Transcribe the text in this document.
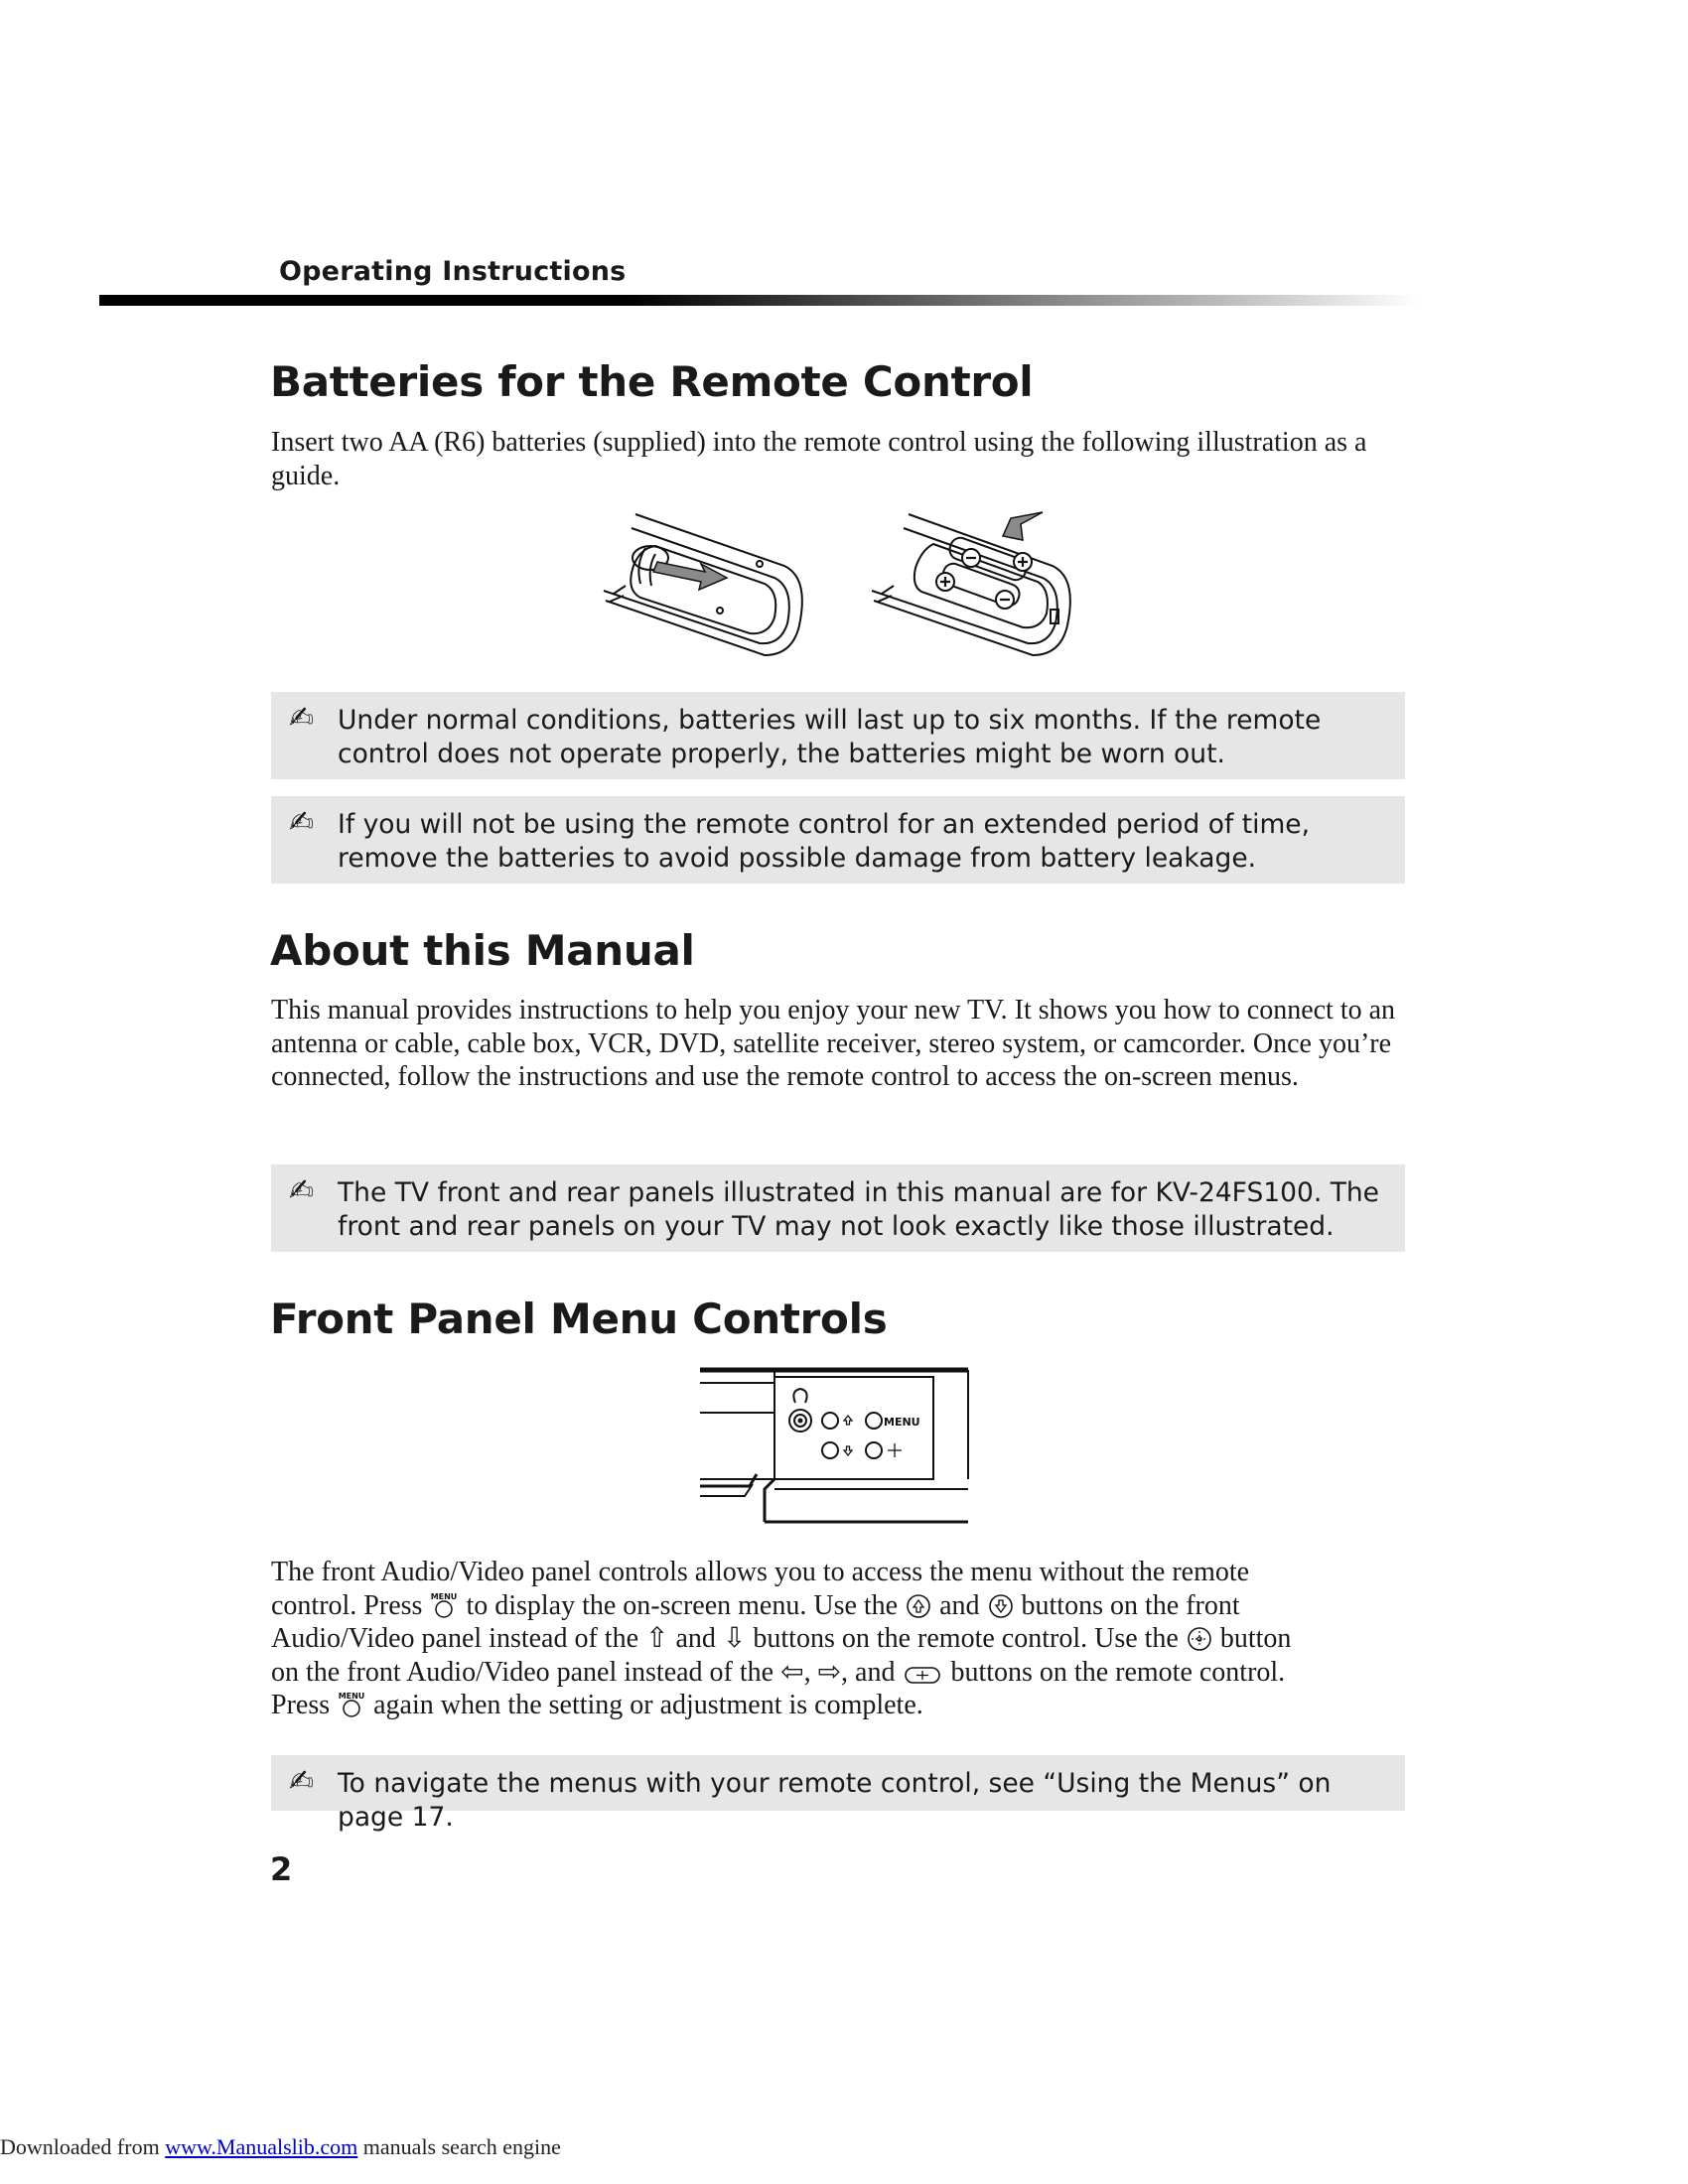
Operating Instructions
Batteries for the Remote Control
Insert two AA (R6) batteries (supplied) into the remote control using the following illustration as a guide.
✍ Under normal conditions, batteries will last up to six months. If the remote control does not operate properly, the batteries might be worn out.
✍ If you will not be using the remote control for an extended period of time, remove the batteries to avoid possible damage from battery leakage.
About this Manual
This manual provides instructions to help you enjoy your new TV. It shows you how to connect to an antenna or cable, cable box, VCR, DVD, satellite receiver, stereo system, or camcorder. Once you’re connected, follow the instructions and use the remote control to access the on-screen menus.
✍ The TV front and rear panels illustrated in this manual are for KV-24FS100. The front and rear panels on your TV may not look exactly like those illustrated.
Front Panel Menu Controls
MENU
The front Audio/Video panel controls allows you to access the menu without the remote
control. Press MENU to display the on-screen menu. Use the  and  buttons on the front
Audio/Video panel instead of the ⇧ and ⇩ buttons on the remote control. Use the  button
on the front Audio/Video panel instead of the ⇦, ⇨, and  buttons on the remote control.
Press MENU again when the setting or adjustment is complete.
✍ To navigate the menus with your remote control, see “Using the Menus” on page 17.
2
Downloaded from www.Manualslib.com manuals search engine
